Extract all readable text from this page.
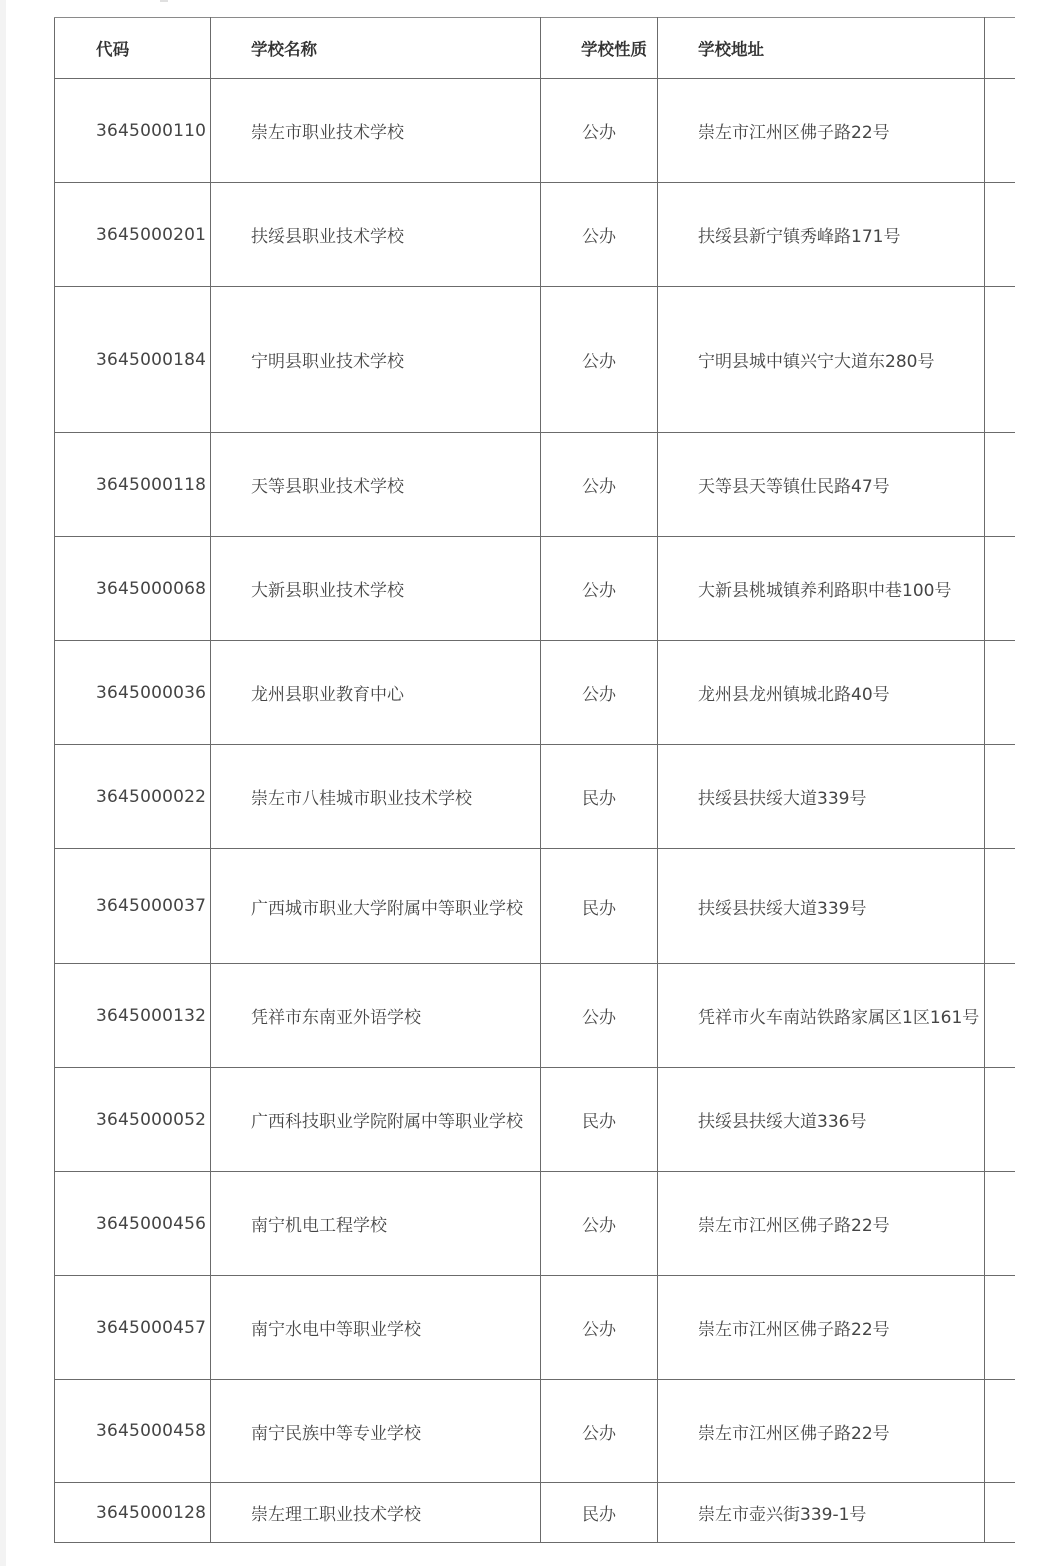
代码	学校名称	学校性质	学校地址	
3645000110	崇左市职业技术学校	公办	崇左市江州区佛子路22号	
3645000201	扶绥县职业技术学校	公办	扶绥县新宁镇秀峰路171号	
3645000184	宁明县职业技术学校	公办	宁明县城中镇兴宁大道东280号	
3645000118	天等县职业技术学校	公办	天等县天等镇仕民路47号	
3645000068	大新县职业技术学校	公办	大新县桃城镇养利路职中巷100号	
3645000036	龙州县职业教育中心	公办	龙州县龙州镇城北路40号	
3645000022	崇左市八桂城市职业技术学校	民办	扶绥县扶绥大道339号	
3645000037	广西城市职业大学附属中等职业学校	民办	扶绥县扶绥大道339号	
3645000132	凭祥市东南亚外语学校	公办	凭祥市火车南站铁路家属区1区161号	
3645000052	广西科技职业学院附属中等职业学校	民办	扶绥县扶绥大道336号	
3645000456	南宁机电工程学校	公办	崇左市江州区佛子路22号	
3645000457	南宁水电中等职业学校	公办	崇左市江州区佛子路22号	
3645000458	南宁民族中等专业学校	公办	崇左市江州区佛子路22号	
3645000128	崇左理工职业技术学校	民办	崇左市壶兴街339-1号	
